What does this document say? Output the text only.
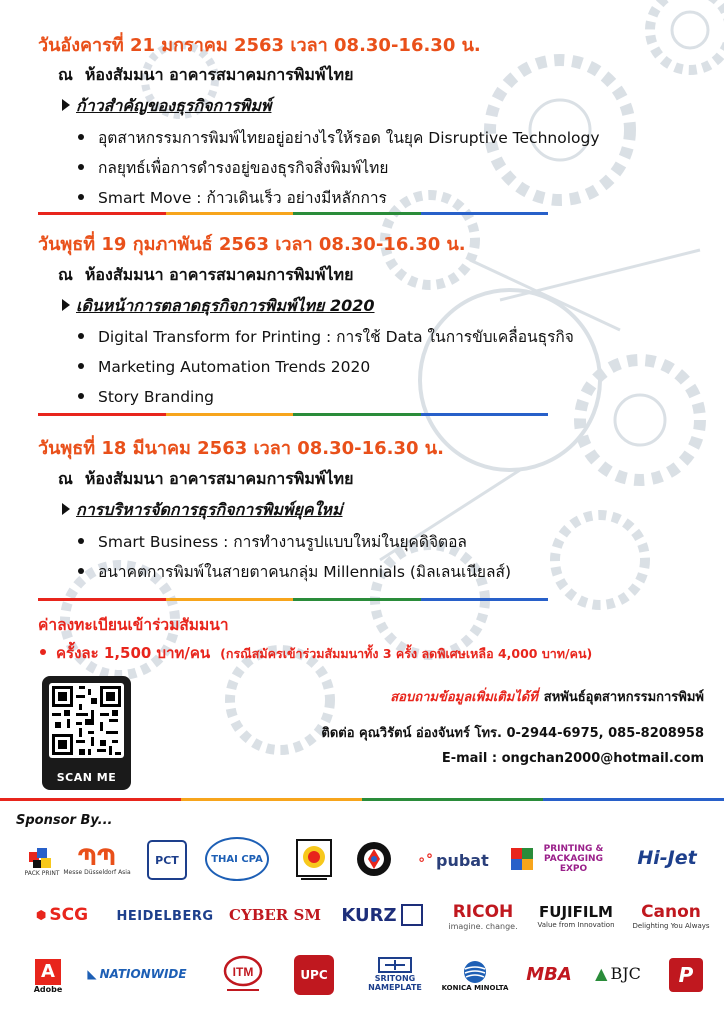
วันอังคารที่ 21 มกราคม 2563 เวลา 08.30-16.30 น.
ณ ห้องสัมมนา อาคารสมาคมการพิมพ์ไทย
ก้าวสำคัญของธุรกิจการพิมพ์
อุตสาหกรรมการพิมพ์ไทยอยู่อย่างไรให้รอด ในยุค Disruptive Technology
กลยุทธ์เพื่อการดำรงอยู่ของธุรกิจสิ่งพิมพ์ไทย
Smart Move : ก้าวเดินเร็ว อย่างมีหลักการ
วันพุธที่ 19 กุมภาพันธ์ 2563 เวลา 08.30-16.30 น.
ณ ห้องสัมมนา อาคารสมาคมการพิมพ์ไทย
เดินหน้าการตลาดธุรกิจการพิมพ์ไทย 2020
Digital Transform for Printing : การใช้ Data ในการขับเคลื่อนธุรกิจ
Marketing Automation Trends 2020
Story Branding
วันพุธที่ 18 มีนาคม 2563 เวลา 08.30-16.30 น.
ณ ห้องสัมมนา อาคารสมาคมการพิมพ์ไทย
การบริหารจัดการธุรกิจการพิมพ์ยุคใหม่
Smart Business : การทำงานรูปแบบใหม่ในยุคดิจิตอล
อนาคตการพิมพ์ในสายตาคนกลุ่ม Millennials (มิลเลนเนียลส์)
ค่าลงทะเบียนเข้าร่วมสัมมนา
ครั้งละ 1,500 บาท/คน (กรณีสมัครเข้าร่วมสัมมนาทั้ง 3 ครั้ง ลดพิเศษเหลือ 4,000 บาท/คน)
SCAN ME
สอบถามข้อมูลเพิ่มเติมได้ที่ สหพันธ์อุตสาหกรรมการพิมพ์
ติดต่อ คุณวิรัตน์ อ่องจันทร์ โทร. 0-2944-6975, 085-8208958
E-mail : ongchan2000@hotmail.com
Sponsor By...
PACK PRINT
ՊՊ
Messe Düsseldorf Asia
PCT	THAI CPA	∘° pubat
PRINTING & PACKAGING EXPO	Hi-Jet
⬢ SCG HEIDELBERG CYBER SM KURZ	RICOH
imagine. change.
FUJIFILM
Value from Innovation
Canon
Delighting You Always
A
Adobe
◣ NATIONWIDE	ITM	UPC	SRITONG NAMEPLATE	KONICA MINOLTA
MBA ▲ BJC	P
